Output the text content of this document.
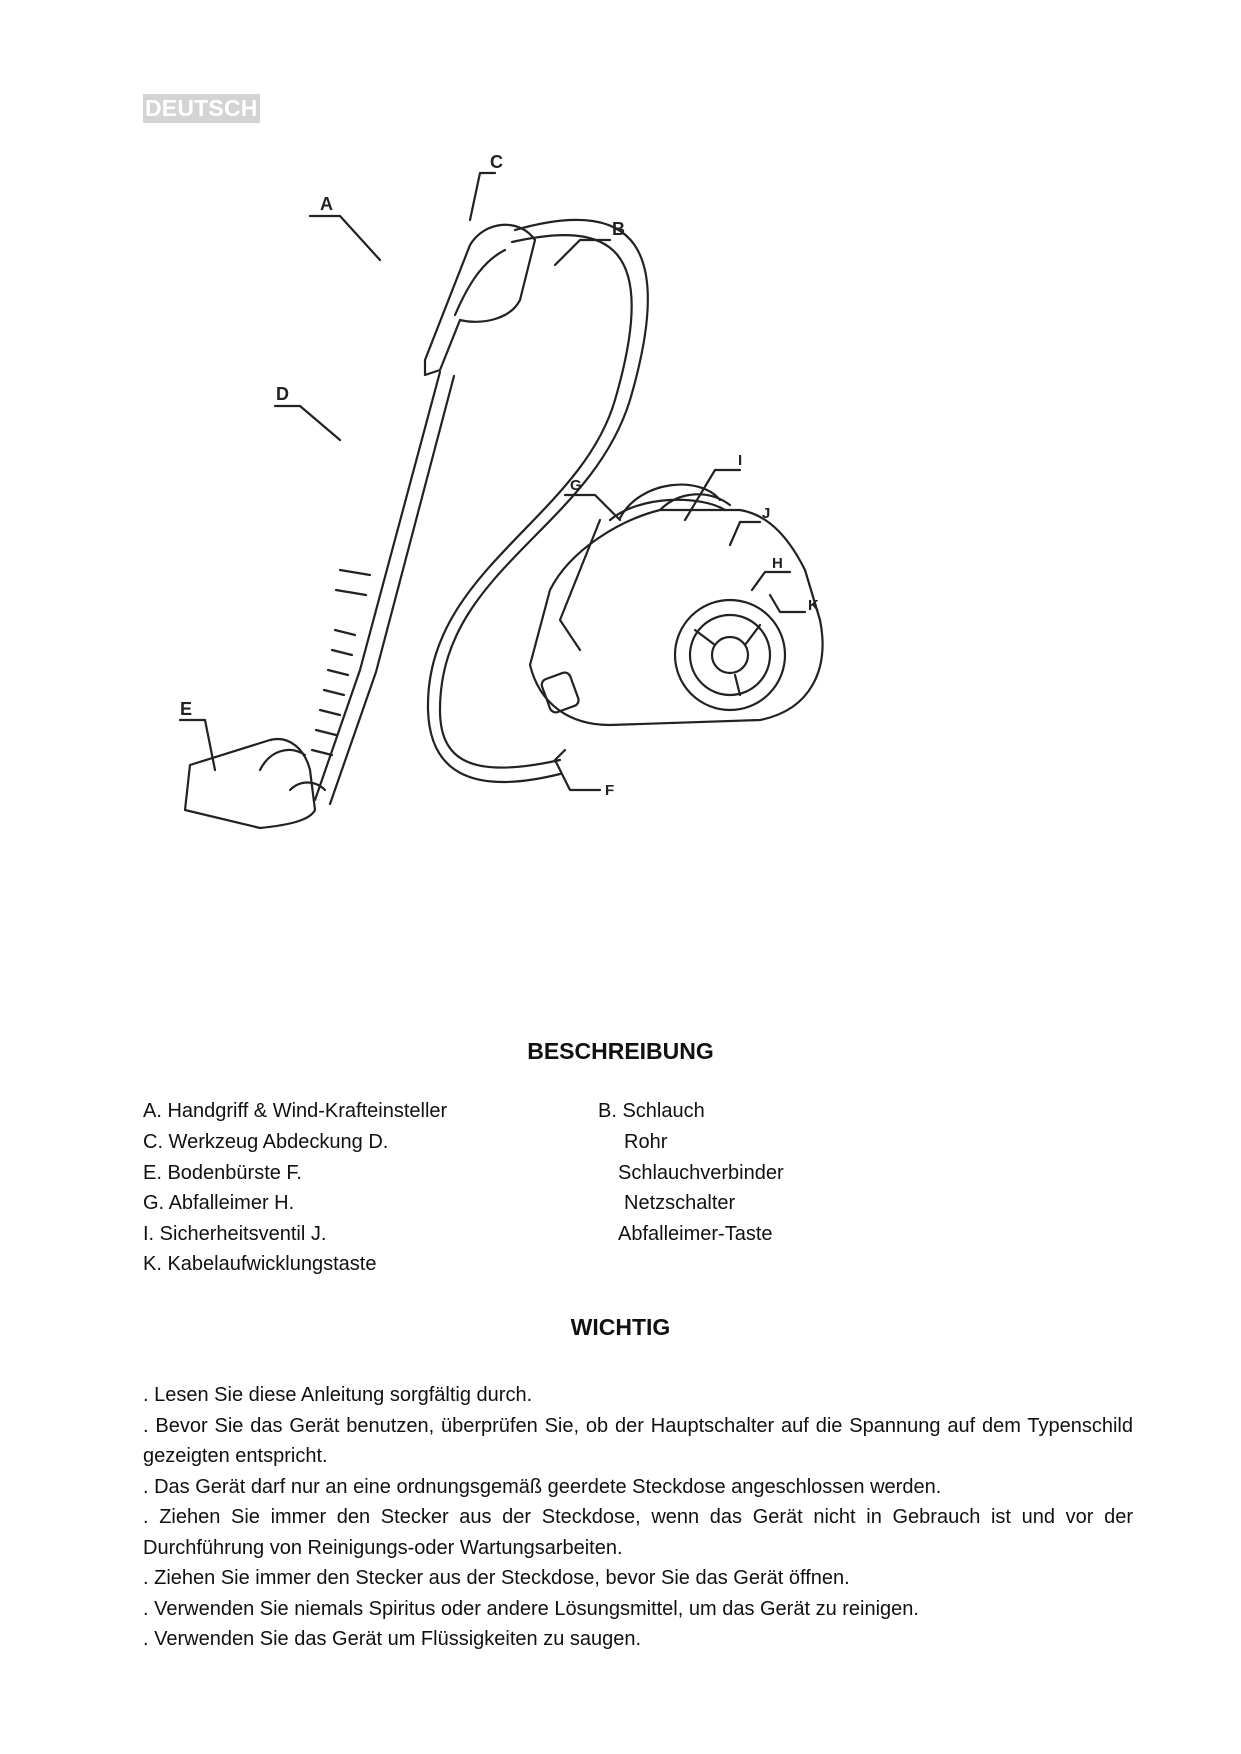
DEUTSCH
A
B
C
D
E
F
G
H
I
J
K
BESCHREIBUNG
A. Handgriff & Wind-Krafteinsteller
C. Werkzeug Abdeckung D.
E. Bodenbürste F.
G. Abfalleimer H.
I. Sicherheitsventil J.
K. Kabelaufwicklungstaste
B. Schlauch
Rohr
Schlauchverbinder
Netzschalter
Abfalleimer-Taste
WICHTIG

. Lesen Sie diese Anleitung sorgfältig durch.

. Bevor Sie das Gerät benutzen, überprüfen Sie, ob der Hauptschalter auf die Spannung auf dem Typenschild gezeigten entspricht.

. Das Gerät darf nur an eine ordnungsgemäß geerdete Steckdose angeschlossen werden.

. Ziehen Sie immer den Stecker aus der Steckdose, wenn das Gerät nicht in Gebrauch ist und vor der Durchführung von Reinigungs-oder Wartungsarbeiten.

. Ziehen Sie immer den Stecker aus der Steckdose, bevor Sie das Gerät öffnen.

. Verwenden Sie niemals Spiritus oder andere Lösungsmittel, um das Gerät zu reinigen.

. Verwenden Sie das Gerät um Flüssigkeiten zu saugen.
